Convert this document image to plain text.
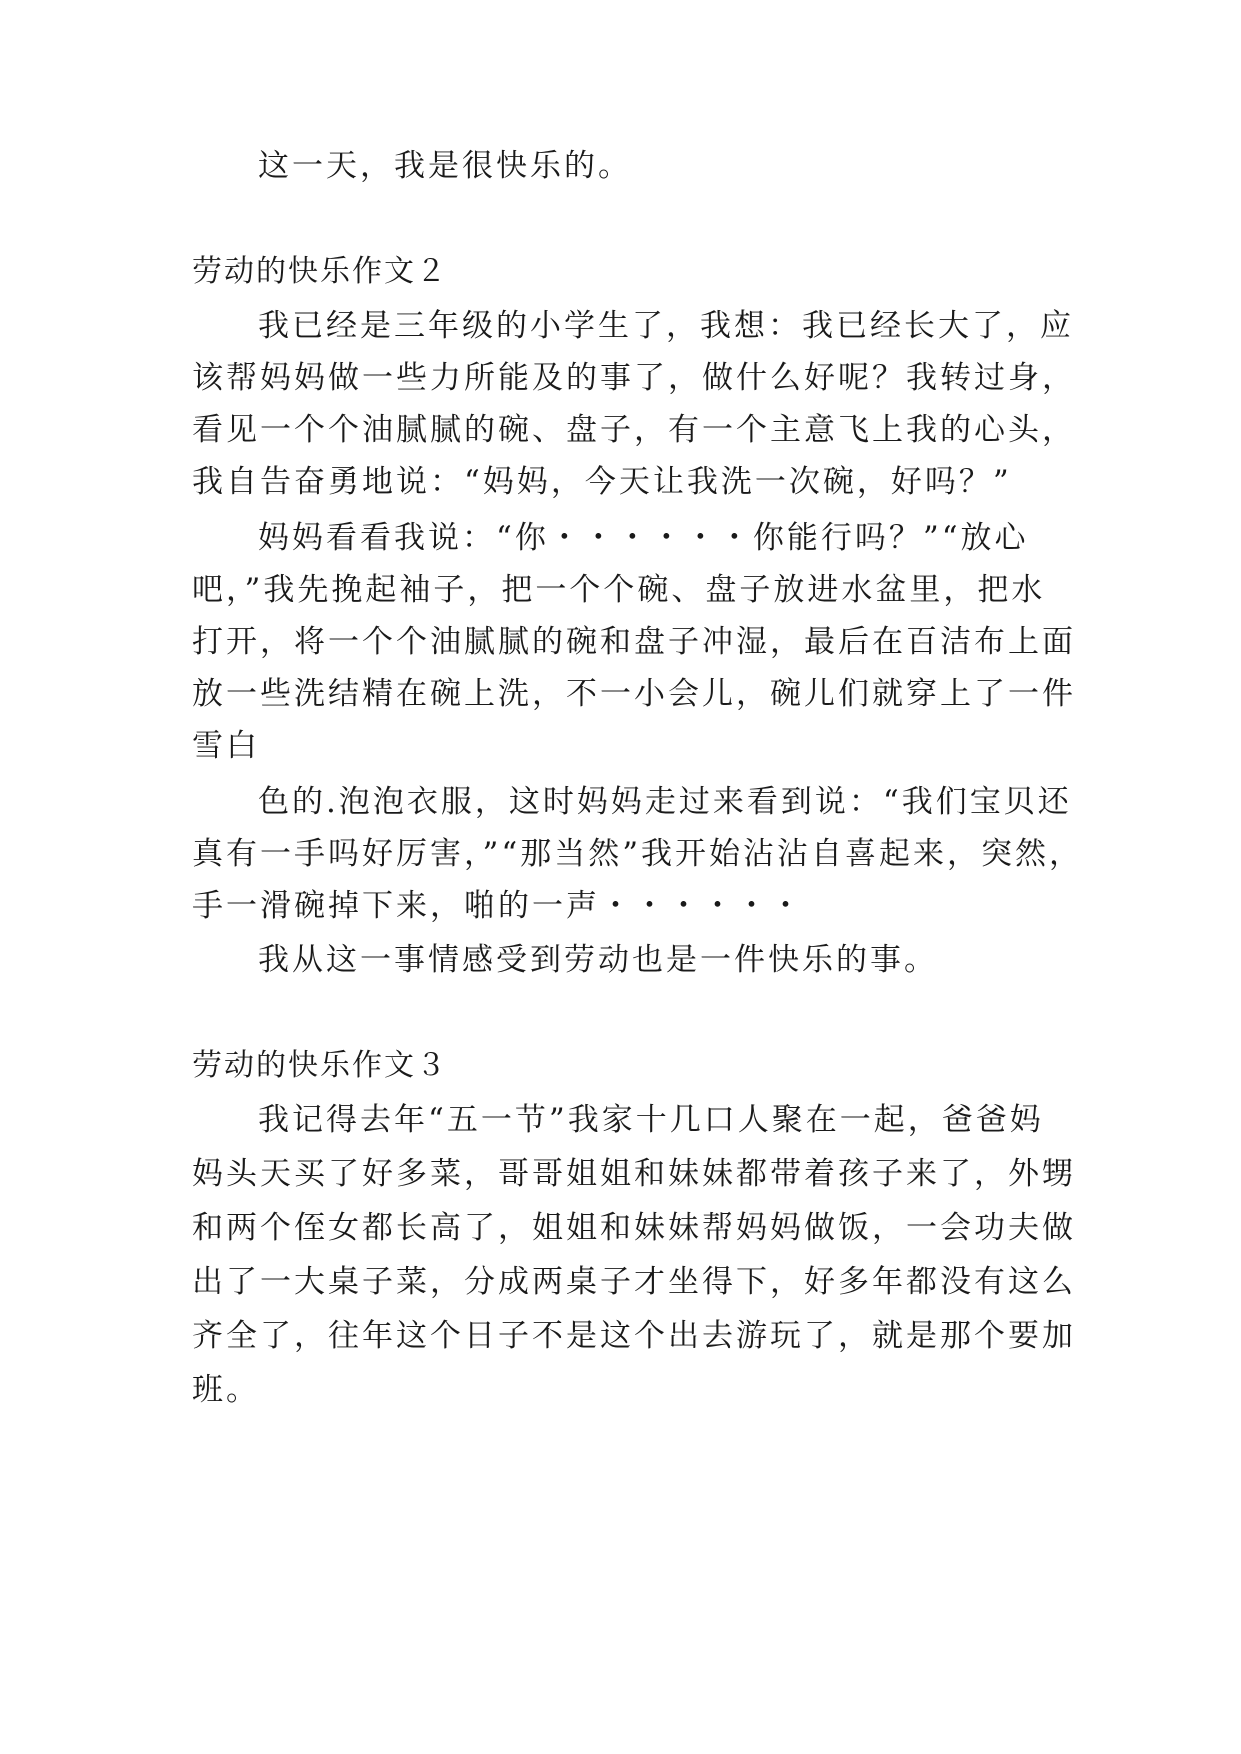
这一天，我是很快乐的。
劳动的快乐作文２
我已经是三年级的小学生了，我想：我已经长大了，应
该帮妈妈做一些力所能及的事了，做什么好呢？我转过身，
看见一个个油腻腻的碗、盘子，有一个主意飞上我的心头，
我自告奋勇地说：“妈妈，今天让我洗一次碗，好吗？”
妈妈看看我说：“你・・・・・・你能行吗？”“放心
吧，”我先挽起袖子，把一个个碗、盘子放进水盆里，把水
打开，将一个个油腻腻的碗和盘子冲湿，最后在百洁布上面
放一些洗结精在碗上洗，不一小会儿，碗儿们就穿上了一件
雪白
色的.泡泡衣服，这时妈妈走过来看到说：“我们宝贝还
真有一手吗好厉害，”“那当然”我开始沾沾自喜起来，突然，
手一滑碗掉下来，啪的一声・・・・・・
我从这一事情感受到劳动也是一件快乐的事。
劳动的快乐作文３
我记得去年“五一节”我家十几口人聚在一起，爸爸妈
妈头天买了好多菜，哥哥姐姐和妹妹都带着孩子来了，外甥
和两个侄女都长高了，姐姐和妹妹帮妈妈做饭，一会功夫做
出了一大桌子菜，分成两桌子才坐得下，好多年都没有这么
齐全了，往年这个日子不是这个出去游玩了，就是那个要加
班。
